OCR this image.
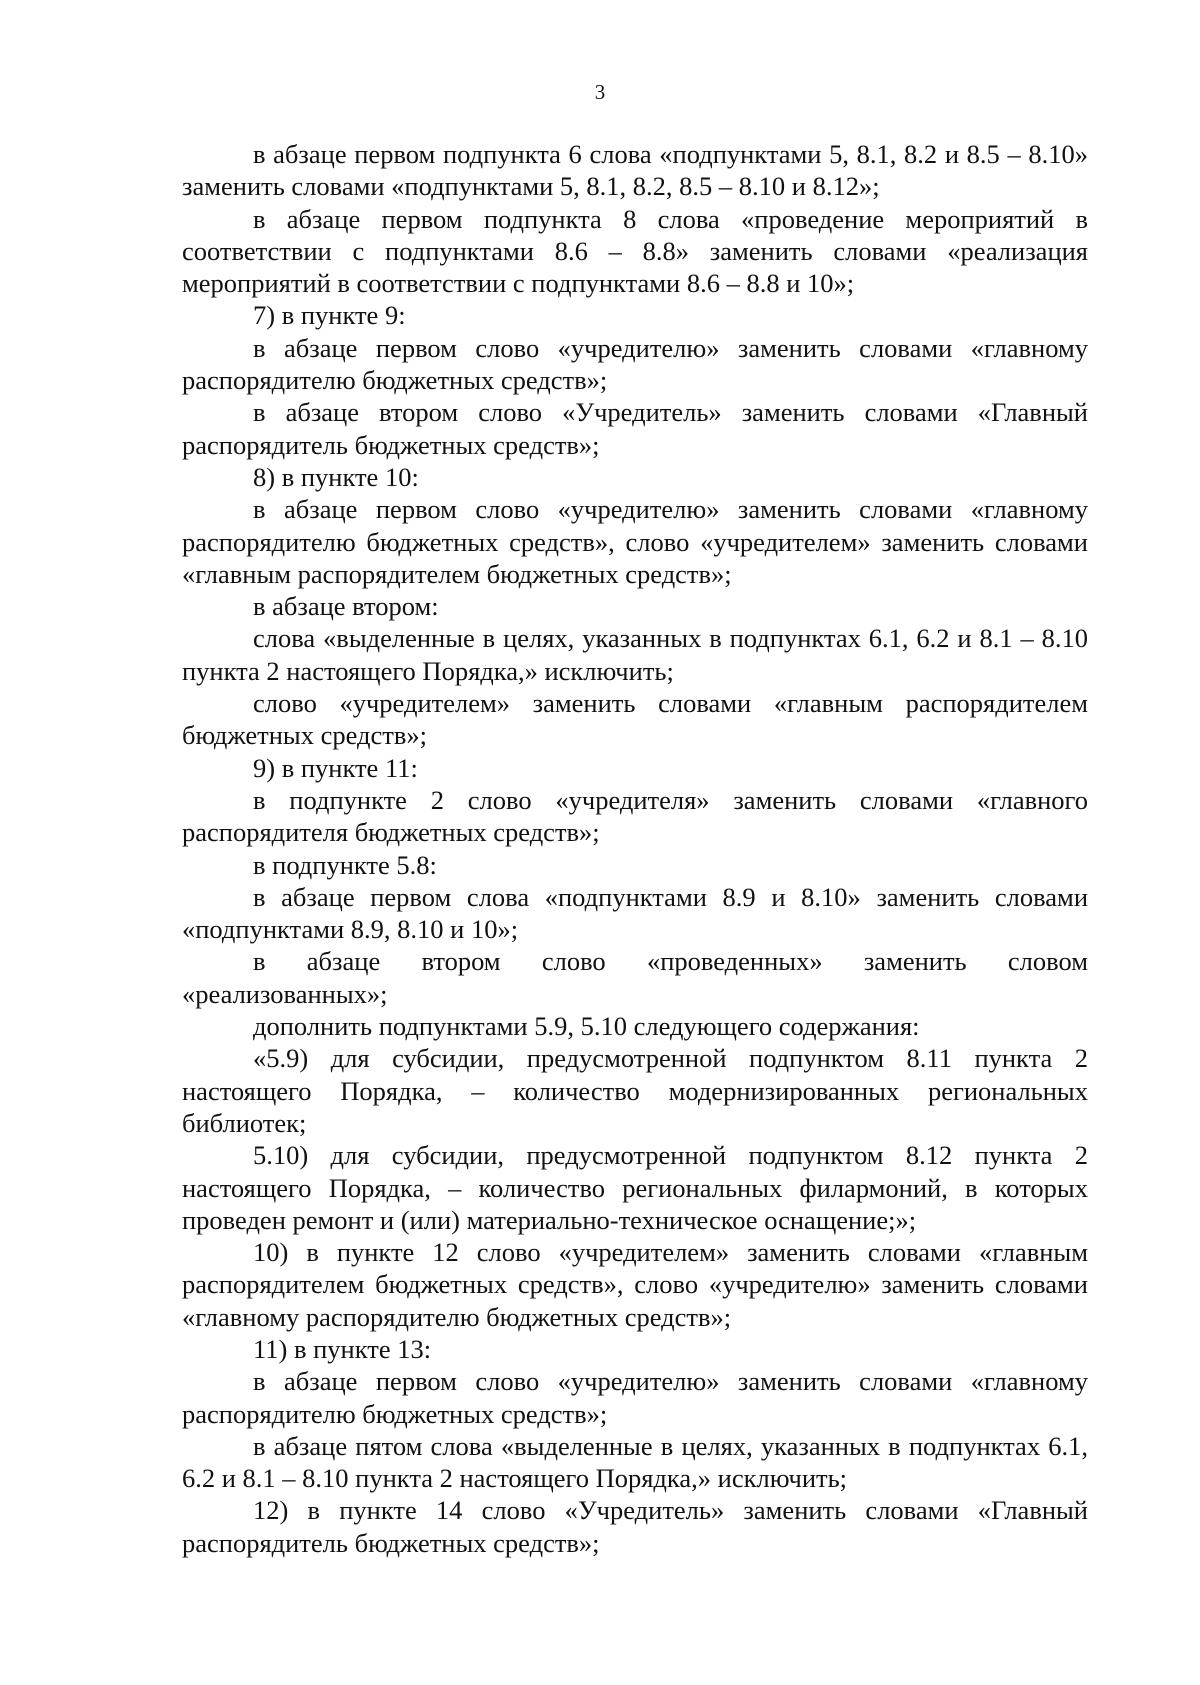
3

в абзаце первом подпункта 6 слова «подпунктами 5, 8.1, 8.2 и 8.5 – 8.10» заменить словами «подпунктами 5, 8.1, 8.2, 8.5 – 8.10 и 8.12»;

в абзаце первом подпункта 8 слова «проведение мероприятий в соответствии с подпунктами 8.6 – 8.8» заменить словами «реализация мероприятий в соответствии с подпунктами 8.6 – 8.8 и 10»;

7) в пункте 9:

в абзаце первом слово «учредителю» заменить словами «главному распорядителю бюджетных средств»;

в абзаце втором слово «Учредитель» заменить словами «Главный распорядитель бюджетных средств»;

8) в пункте 10:

в абзаце первом слово «учредителю» заменить словами «главному распорядителю бюджетных средств», слово «учредителем» заменить словами «главным распорядителем бюджетных средств»;

в абзаце втором:

слова «выделенные в целях, указанных в подпунктах 6.1, 6.2 и 8.1 – 8.10 пункта 2 настоящего Порядка,» исключить;

слово «учредителем» заменить словами «главным распорядителем бюджетных средств»;

9) в пункте 11:

в подпункте 2 слово «учредителя» заменить словами «главного распорядителя бюджетных средств»;

в подпункте 5.8:

в абзаце первом слова «подпунктами 8.9 и 8.10» заменить словами «подпунктами 8.9, 8.10 и 10»;

в абзаце втором слово «проведенных» заменить словом «реализованных»;

дополнить подпунктами 5.9, 5.10 следующего содержания:

«5.9) для субсидии, предусмотренной подпунктом 8.11 пункта 2 настоящего Порядка, – количество модернизированных региональных библиотек;

5.10) для субсидии, предусмотренной подпунктом 8.12 пункта 2 настоящего Порядка, – количество региональных филармоний, в которых проведен ремонт и (или) материально-техническое оснащение;»;

10) в пункте 12 слово «учредителем» заменить словами «главным распорядителем бюджетных средств», слово «учредителю» заменить словами «главному распорядителю бюджетных средств»;

11) в пункте 13:

в абзаце первом слово «учредителю» заменить словами «главному распорядителю бюджетных средств»;

в абзаце пятом слова «выделенные в целях, указанных в подпунктах 6.1, 6.2 и 8.1 – 8.10 пункта 2 настоящего Порядка,» исключить;

12) в пункте 14 слово «Учредитель» заменить словами «Главный распорядитель бюджетных средств»;
